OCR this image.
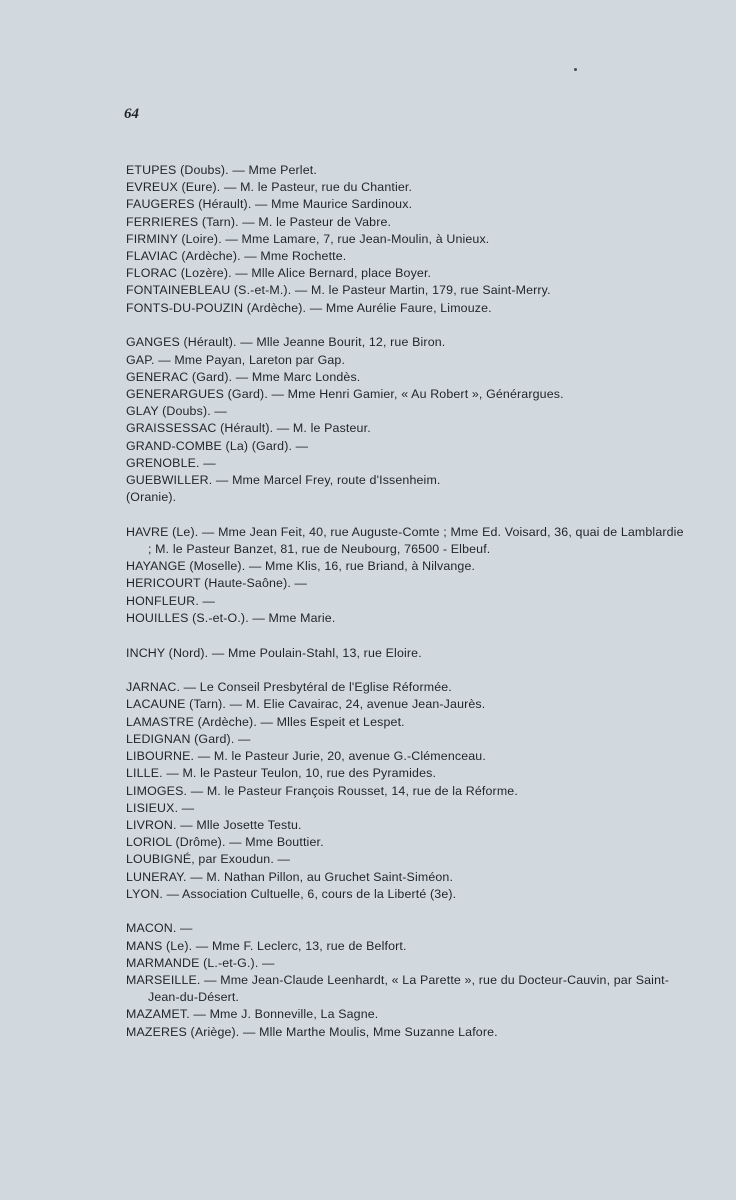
64
ETUPES (Doubs). — Mme Perlet.
EVREUX (Eure). — M. le Pasteur, rue du Chantier.
FAUGERES (Hérault). — Mme Maurice Sardinoux.
FERRIERES (Tarn). — M. le Pasteur de Vabre.
FIRMINY (Loire). — Mme Lamare, 7, rue Jean-Moulin, à Unieux.
FLAVIAC (Ardèche). — Mme Rochette.
FLORAC (Lozère). — Mlle Alice Bernard, place Boyer.
FONTAINEBLEAU (S.-et-M.). — M. le Pasteur Martin, 179, rue Saint-Merry.
FONTS-DU-POUZIN (Ardèche). — Mme Aurélie Faure, Limouze.
GANGES (Hérault). — Mlle Jeanne Bourit, 12, rue Biron.
GAP. — Mme Payan, Lareton par Gap.
GENERAC (Gard). — Mme Marc Londès.
GENERARGUES (Gard). — Mme Henri Gamier, « Au Robert », Générargues.
GLAY (Doubs). —
GRAISSESSAC (Hérault). — M. le Pasteur.
GRAND-COMBE (La) (Gard). —
GRENOBLE. —
GUEBWILLER. — Mme Marcel Frey, route d'Issenheim.
(Oranie).
HAVRE (Le). — Mme Jean Feit, 40, rue Auguste-Comte ; Mme Ed. Voisard, 36, quai de Lamblardie ; M. le Pasteur Banzet, 81, rue de Neubourg, 76500 - Elbeuf.
HAYANGE (Moselle). — Mme Klis, 16, rue Briand, à Nilvange.
HERICOURT (Haute-Saône). —
HONFLEUR. —
HOUILLES (S.-et-O.). — Mme Marie.
INCHY (Nord). — Mme Poulain-Stahl, 13, rue Eloire.
JARNAC. — Le Conseil Presbytéral de l'Eglise Réformée.
LACAUNE (Tarn). — M. Elie Cavairac, 24, avenue Jean-Jaurès.
LAMASTRE (Ardèche). — Mlles Espeit et Lespet.
LEDIGNAN (Gard). —
LIBOURNE. — M. le Pasteur Jurie, 20, avenue G.-Clémenceau.
LILLE. — M. le Pasteur Teulon, 10, rue des Pyramides.
LIMOGES. — M. le Pasteur François Rousset, 14, rue de la Réforme.
LISIEUX. —
LIVRON. — Mlle Josette Testu.
LORIOL (Drôme). — Mme Bouttier.
LOUBIGNÉ, par Exoudun. —
LUNERAY. — M. Nathan Pillon, au Gruchet Saint-Siméon.
LYON. — Association Cultuelle, 6, cours de la Liberté (3e).
MACON. —
MANS (Le). — Mme F. Leclerc, 13, rue de Belfort.
MARMANDE (L.-et-G.). —
MARSEILLE. — Mme Jean-Claude Leenhardt, « La Parette », rue du Docteur-Cauvin, par Saint-Jean-du-Désert.
MAZAMET. — Mme J. Bonneville, La Sagne.
MAZERES (Ariège). — Mlle Marthe Moulis, Mme Suzanne Lafore.
